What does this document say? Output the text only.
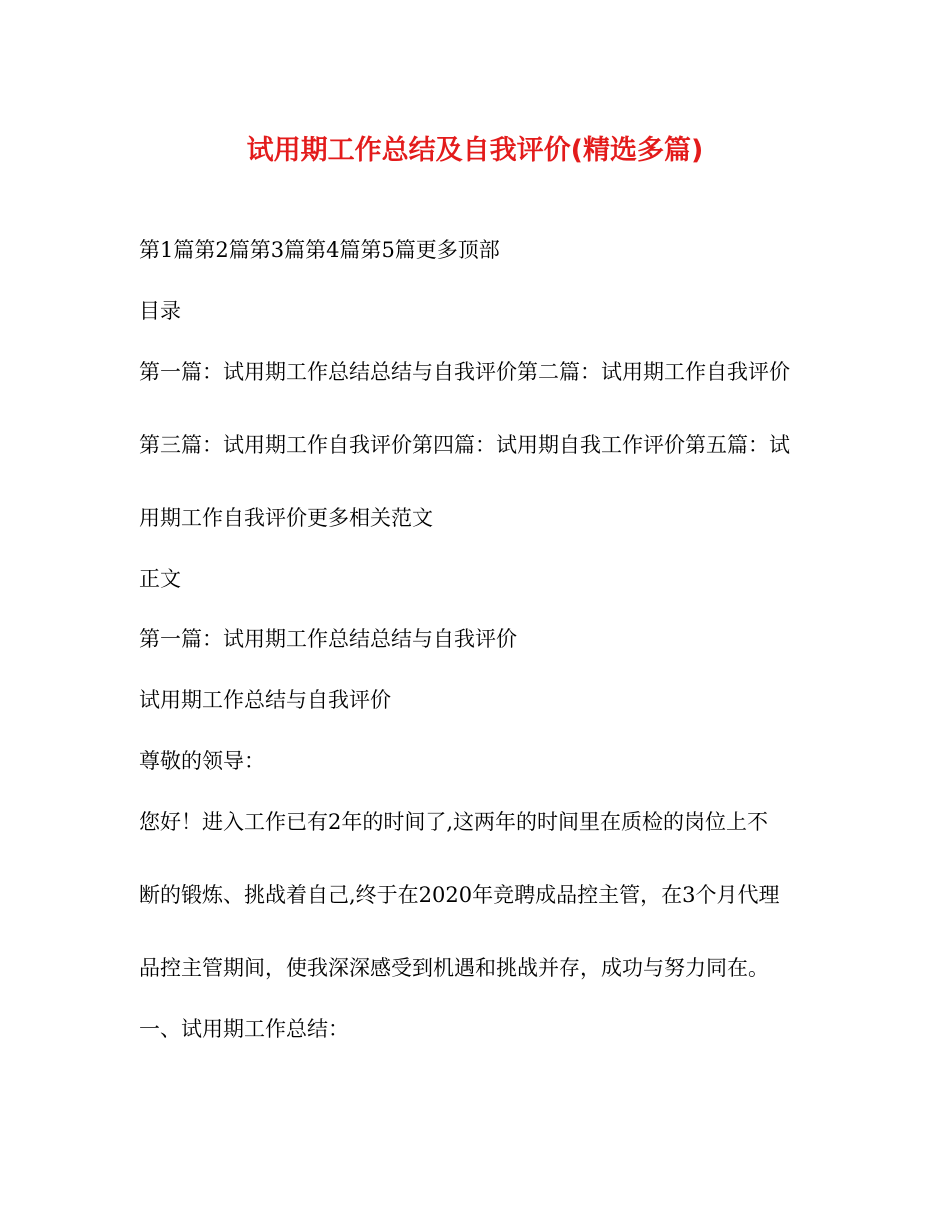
试用期工作总结及自我评价(精选多篇)
第1篇第2篇第3篇第4篇第5篇更多顶部
目录
第一篇：试用期工作总结总结与自我评价第二篇：试用期工作自我评价
第三篇：试用期工作自我评价第四篇：试用期自我工作评价第五篇：试
用期工作自我评价更多相关范文
正文
第一篇：试用期工作总结总结与自我评价
试用期工作总结与自我评价
尊敬的领导：
您好！进入工作已有2年的时间了,这两年的时间里在质检的岗位上不
断的锻炼、挑战着自己,终于在2020年竞聘成品控主管，在3个月代理
品控主管期间，使我深深感受到机遇和挑战并存，成功与努力同在。
一、试用期工作总结：
